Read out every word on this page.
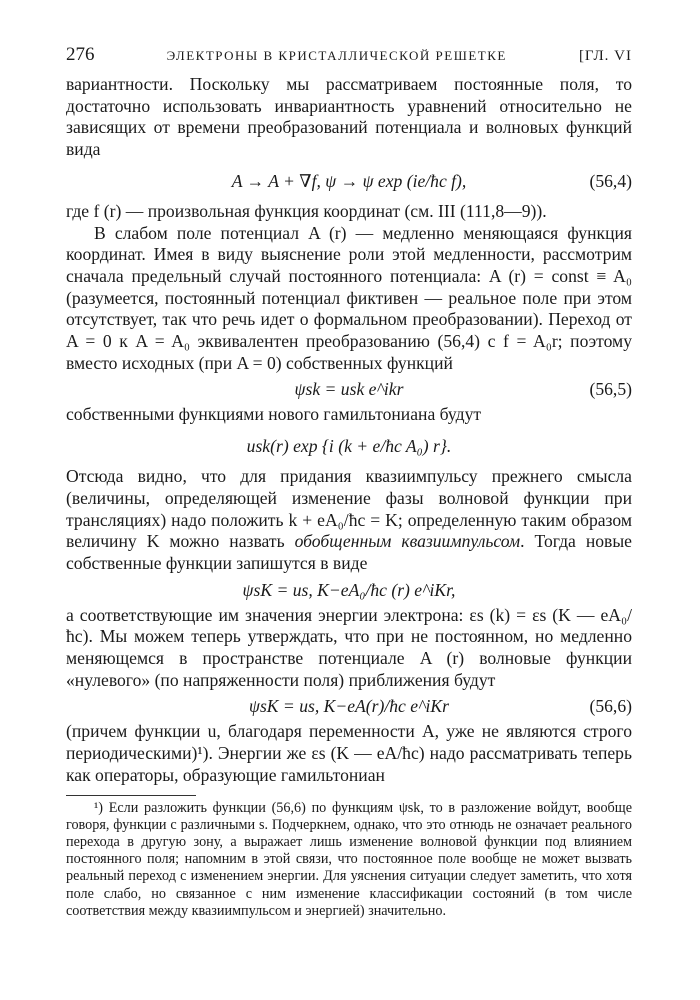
276	ЭЛЕКТРОНЫ В КРИСТАЛЛИЧЕСКОЙ РЕШЕТКЕ	[ГЛ. VI

вариантности. Поскольку мы рассматриваем постоянные поля, то достаточно использовать инвариантность уравнений относительно не зависящих от времени преобразований потенциала и волновых функций вида

A → A + ∇f, ψ → ψ exp (ie/ħc f),	(56,4)

где f (r) — произвольная функция координат (см. III (111,8—9)).

В слабом поле потенциал A (r) — медленно меняющаяся функция координат. Имея в виду выяснение роли этой медленности, рассмотрим сначала предельный случай постоянного потенциала: A (r) = const ≡ A₀ (разумеется, постоянный потенциал фиктивен — реальное поле при этом отсутствует, так что речь идет о формальном преобразовании). Переход от A = 0 к A = A₀ эквивалентен преобразованию (56,4) с f = A₀r; поэтому вместо исходных (при A = 0) собственных функций

ψsk = usk e^ikr	(56,5)

собственными функциями нового гамильтониана будут

usk(r) exp {i (k + e/ħc A₀) r}.

Отсюда видно, что для придания квазиимпульсу прежнего смысла (величины, определяющей изменение фазы волновой функции при трансляциях) надо положить k + eA₀/ħc = K; определенную таким образом величину K можно назвать обобщенным квазиимпульсом. Тогда новые собственные функции запишутся в виде

ψsK = us, K−eA₀/ħc (r) e^iKr,

а соответствующие им значения энергии электрона: εs (k) = εs (K — eA₀/ħc). Мы можем теперь утверждать, что при не постоянном, но медленно меняющемся в пространстве потенциале A (r) волновые функции «нулевого» (по напряженности поля) приближения будут

ψsK = us, K−eA(r)/ħc e^iKr	(56,6)

(причем функции u, благодаря переменности A, уже не являются строго периодическими)¹). Энергии же εs (K — eA/ħc) надо рассматривать теперь как операторы, образующие гамильтониан

¹) Если разложить функции (56,6) по функциям ψsk, то в разложение войдут, вообще говоря, функции с различными s. Подчеркнем, однако, что это отнюдь не означает реального перехода в другую зону, а выражает лишь изменение волновой функции под влиянием постоянного поля; напомним в этой связи, что постоянное поле вообще не может вызвать реальный переход с изменением энергии. Для уяснения ситуации следует заметить, что хотя поле слабо, но связанное с ним изменение классификации состояний (в том числе соответствия между квазиимпульсом и энергией) значительно.
